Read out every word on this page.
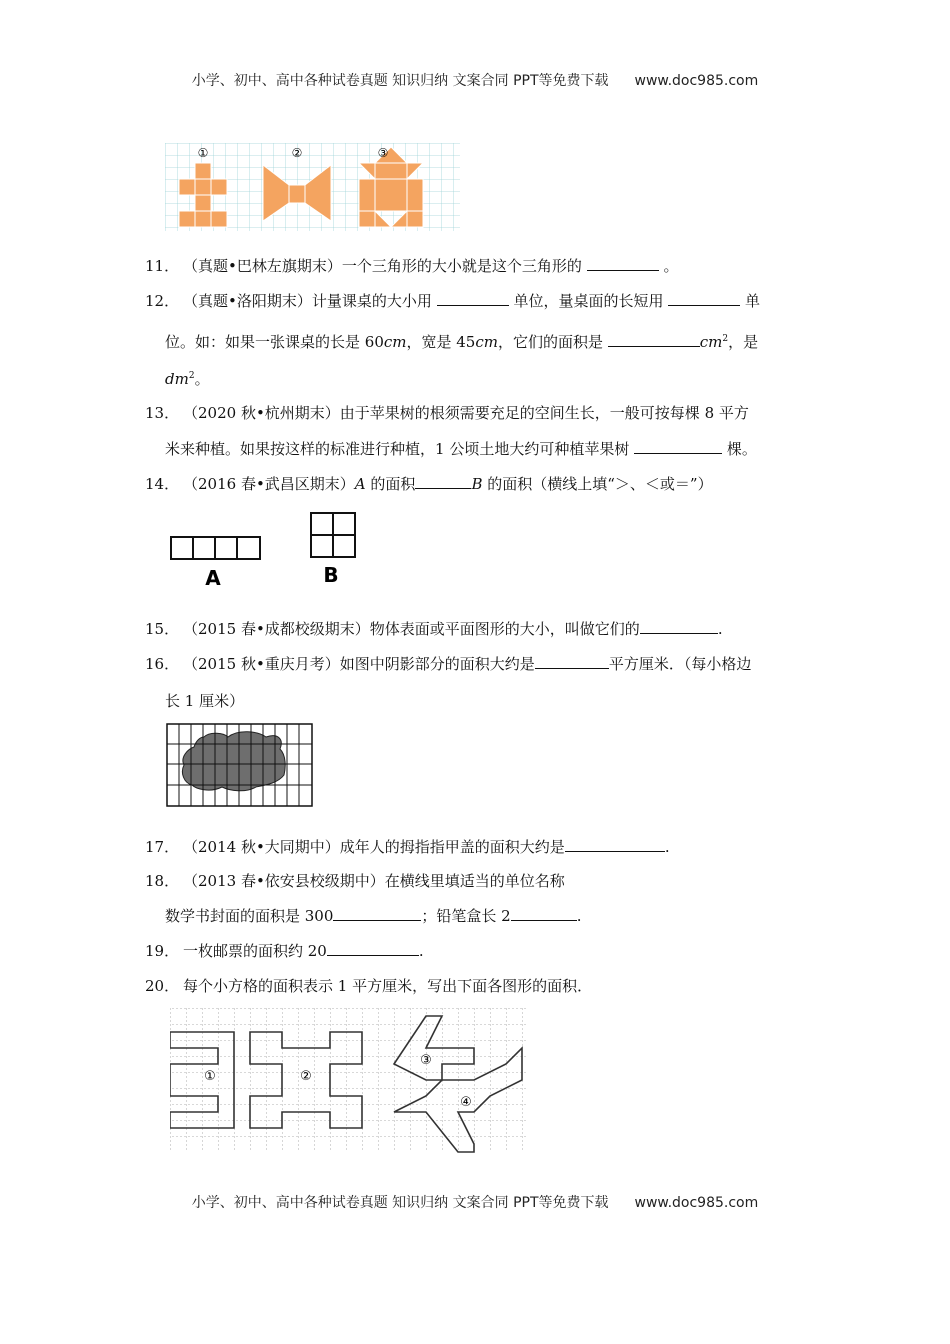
小学、初中、高中各种试卷真题 知识归纳 文案合同 PPT等免费下载 www.doc985.com
①	②	③
11． （真题•巴林左旗期末）一个三角形的大小就是这个三角形的	。
12． （真题•洛阳期末）计量课桌的大小用	单位，量桌面的长短用	单
位。如：如果一张课桌的长是 60cm，宽是 45cm，它们的面积是	$cm^2$，是
$dm^2$。
13． （2020 秋•杭州期末）由于苹果树的根须需要充足的空间生长，一般可按每棵 8 平方
米来种植。如果按这样的标准进行种植，1 公顷土地大约可种植苹果树	棵。
14． （2016 春•武昌区期末）A 的面积	B 的面积（横线上填“＞、＜或＝”）
A	B
15． （2015 春•成都校级期末）物体表面或平面图形的大小，叫做它们的	.
16． （2015 秋•重庆月考）如图中阴影部分的面积大约是	平方厘米．（每小格边
长 1 厘米）
17． （2014 秋•大同期中）成年人的拇指指甲盖的面积大约是	.
18． （2013 春•依安县校级期中）在横线里填适当的单位名称
数学书封面的面积是 300	；铅笔盒长 2	.
19． 一枚邮票的面积约 20	.
20． 每个小方格的面积表示 1 平方厘米，写出下面各图形的面积．
①	②
③
④
小学、初中、高中各种试卷真题 知识归纳 文案合同 PPT等免费下载 www.doc985.com
